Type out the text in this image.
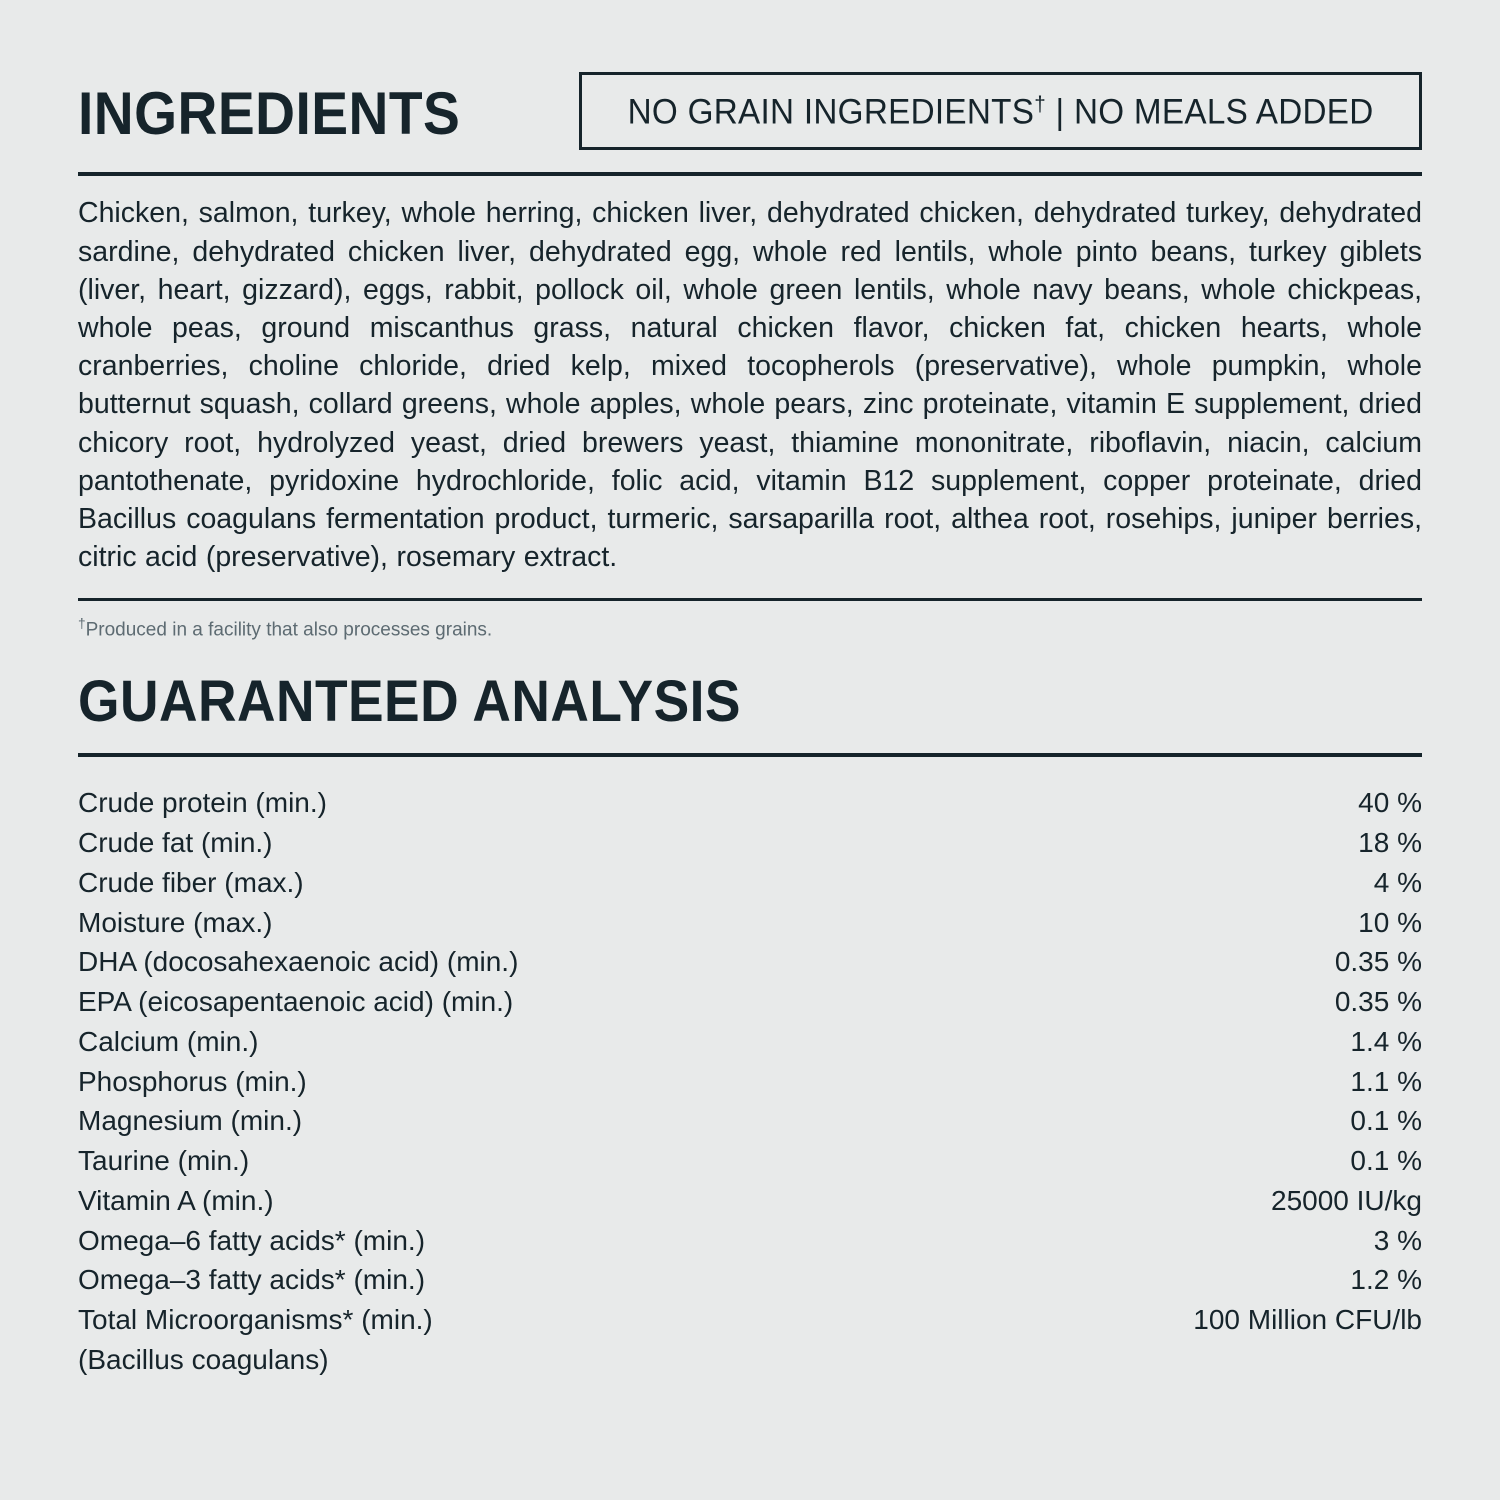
INGREDIENTS	NO GRAIN INGREDIENTS† | NO MEALS ADDED
Chicken, salmon, turkey, whole herring, chicken liver, dehydrated chicken, dehydrated turkey, dehydrated sardine, dehydrated chicken liver, dehydrated egg, whole red lentils, whole pinto beans, turkey giblets (liver, heart, gizzard), eggs, rabbit, pollock oil, whole green lentils, whole navy beans, whole chickpeas, whole peas, ground miscanthus grass, natural chicken flavor, chicken fat, chicken hearts, whole cranberries, choline chloride, dried kelp, mixed tocopherols (preservative), whole pumpkin, whole butternut squash, collard greens, whole apples, whole pears, zinc proteinate, vitamin E supplement, dried chicory root, hydrolyzed yeast, dried brewers yeast, thiamine mononitrate, riboflavin, niacin, calcium pantothenate, pyridoxine hydrochloride, folic acid, vitamin B12 supplement, copper proteinate, dried Bacillus coagulans fermentation product, turmeric, sarsaparilla root, althea root, rosehips, juniper berries, citric acid (preservative), rosemary extract.
†Produced in a facility that also processes grains.
GUARANTEED ANALYSIS
Crude protein (min.)	40 %
Crude fat (min.)	18 %
Crude fiber (max.)	4 %
Moisture (max.)	10 %
DHA (docosahexaenoic acid) (min.)	0.35 %
EPA (eicosapentaenoic acid) (min.)	0.35 %
Calcium (min.)	1.4 %
Phosphorus (min.)	1.1 %
Magnesium (min.)	0.1 %
Taurine (min.)	0.1 %
Vitamin A (min.)	25000 IU/kg
Omega–6 fatty acids* (min.)	3 %
Omega–3 fatty acids* (min.)	1.2 %
Total Microorganisms* (min.)	100 Million CFU/lb
(Bacillus coagulans)
